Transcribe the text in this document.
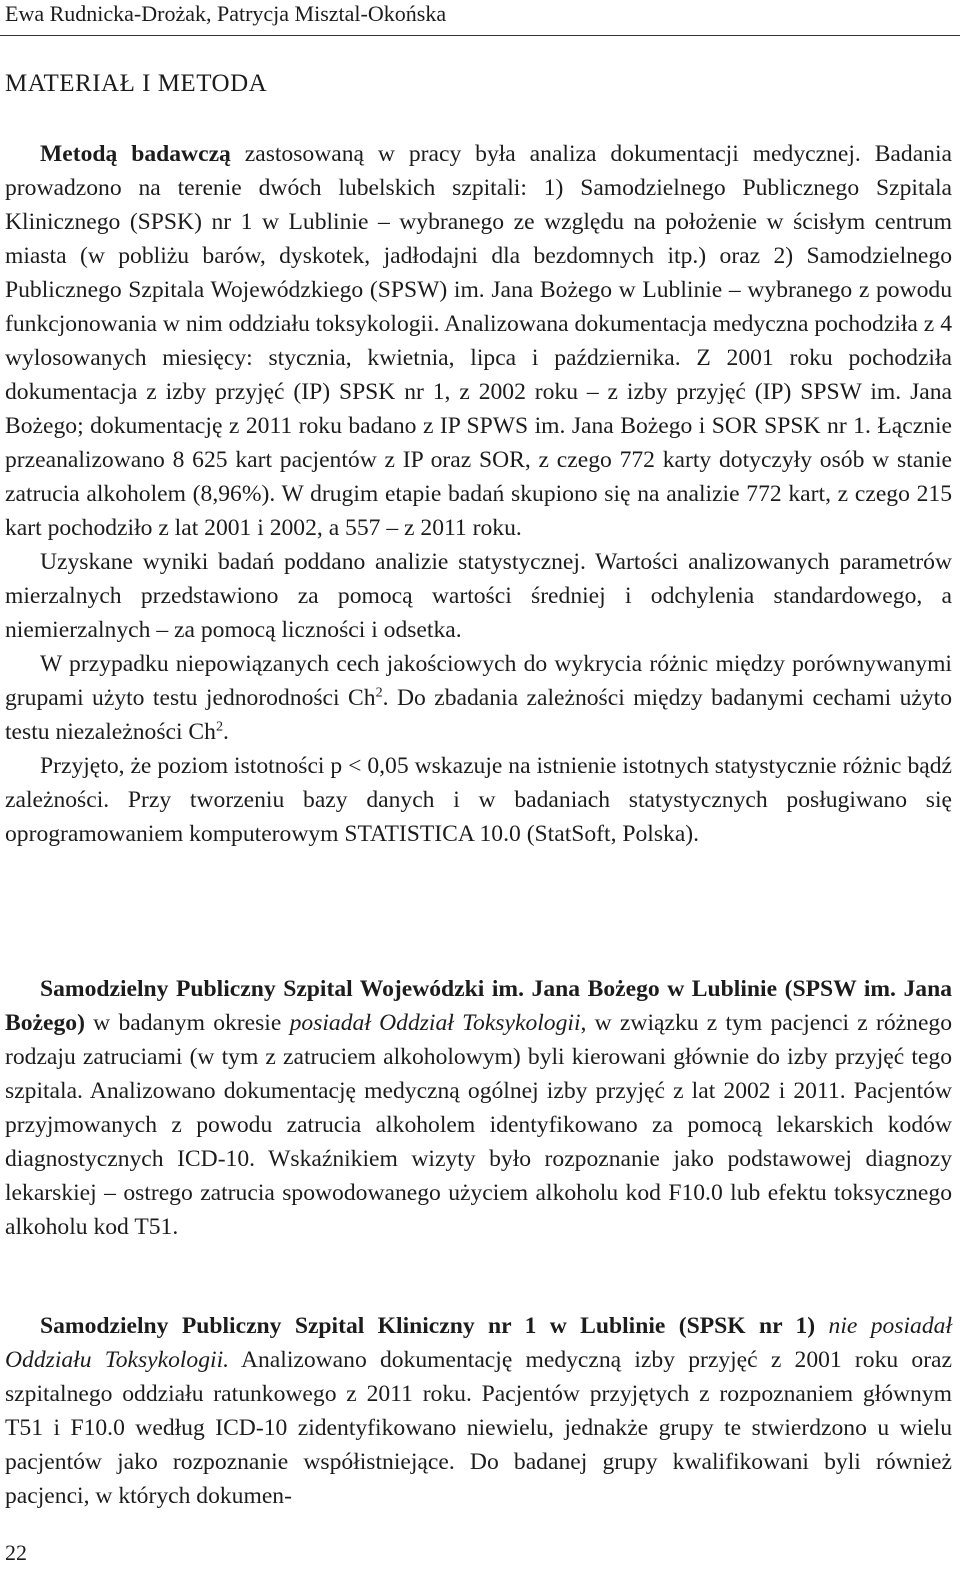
Ewa Rudnicka-Drożak, Patrycja Misztal-Okońska
MATERIAŁ I METODA

Metodą badawczą zastosowaną w pracy była analiza dokumentacji medycznej. Badania prowadzono na terenie dwóch lubelskich szpitali: 1) Samodzielnego Publicznego Szpitala Klinicznego (SPSK) nr 1 w Lublinie – wybranego ze względu na położenie w ścisłym centrum miasta (w pobliżu barów, dyskotek, jadłodajni dla bezdomnych itp.) oraz 2) Samodzielnego Publicznego Szpitala Wojewódzkiego (SPSW) im. Jana Bożego w Lublinie – wybranego z powodu funkcjonowania w nim oddziału toksykologii. Analizowana dokumentacja medyczna pochodziła z 4 wylosowanych miesięcy: stycznia, kwietnia, lipca i października. Z 2001 roku pochodziła dokumentacja z izby przyjęć (IP) SPSK nr 1, z 2002 roku – z izby przyjęć (IP) SPSW im. Jana Bożego; dokumentację z 2011 roku badano z IP SPWS im. Jana Bożego i SOR SPSK nr 1. Łącznie przeanalizowano 8 625 kart pacjentów z IP oraz SOR, z czego 772 karty dotyczyły osób w stanie zatrucia alkoholem (8,96%). W drugim etapie badań skupiono się na analizie 772 kart, z czego 215 kart pochodziło z lat 2001 i 2002, a 557 – z 2011 roku.

Uzyskane wyniki badań poddano analizie statystycznej. Wartości analizowanych parametrów mierzalnych przedstawiono za pomocą wartości średniej i odchylenia standardowego, a niemierzalnych – za pomocą liczności i odsetka.

W przypadku niepowiązanych cech jakościowych do wykrycia różnic między porównywanymi grupami użyto testu jednorodności Ch$^2$. Do zbadania zależności między badanymi cechami użyto testu niezależności Ch$^2$.

Przyjęto, że poziom istotności p < 0,05 wskazuje na istnienie istotnych statystycznie różnic bądź zależności. Przy tworzeniu bazy danych i w badaniach statystycznych posługiwano się oprogramowaniem komputerowym STATISTICA 10.0 (StatSoft, Polska).

Samodzielny Publiczny Szpital Wojewódzki im. Jana Bożego w Lublinie (SPSW im. Jana Bożego) w badanym okresie posiadał Oddział Toksykologii, w związku z tym pacjenci z różnego rodzaju zatruciami (w tym z zatruciem alkoholowym) byli kierowani głównie do izby przyjęć tego szpitala. Analizowano dokumentację medyczną ogólnej izby przyjęć z lat 2002 i 2011. Pacjentów przyjmowanych z powodu zatrucia alkoholem identyfikowano za pomocą lekarskich kodów diagnostycznych ICD-10. Wskaźnikiem wizyty było rozpoznanie jako podstawowej diagnozy lekarskiej – ostrego zatrucia spowodowanego użyciem alkoholu kod F10.0 lub efektu toksycznego alkoholu kod T51.

Samodzielny Publiczny Szpital Kliniczny nr 1 w Lublinie (SPSK nr 1) nie posiadał Oddziału Toksykologii. Analizowano dokumentację medyczną izby przyjęć z 2001 roku oraz szpitalnego oddziału ratunkowego z 2011 roku. Pacjentów przyjętych z rozpoznaniem głównym T51 i F10.0 według ICD-10 zidentyfikowano niewielu, jednakże grupy te stwierdzono u wielu pacjentów jako rozpoznanie współistniejące. Do badanej grupy kwalifikowani byli również pacjenci, w których dokumen-

22
